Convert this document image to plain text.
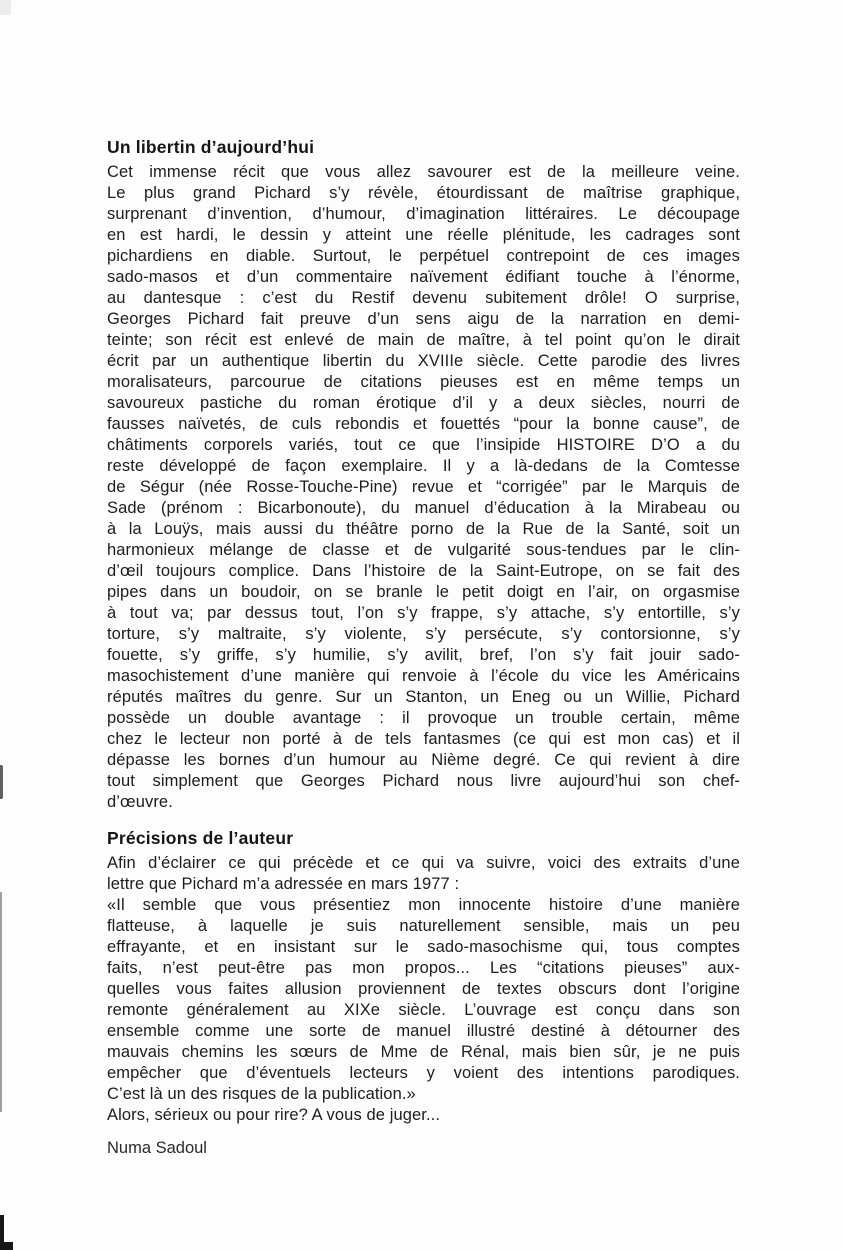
Un libertin d’aujourd’hui
Cet immense récit que vous allez savourer est de la meilleure veine.
Le plus grand Pichard s’y révèle, étourdissant de maîtrise graphique,
surprenant d’invention, d’humour, d’imagination littéraires. Le découpage
en est hardi, le dessin y atteint une réelle plénitude, les cadrages sont
pichardiens en diable. Surtout, le perpétuel contrepoint de ces images
sado-masos et d’un commentaire naïvement édifiant touche à l’énorme,
au dantesque : c’est du Restif devenu subitement drôle! O surprise,
Georges Pichard fait preuve d’un sens aigu de la narration en demi-
teinte; son récit est enlevé de main de maître, à tel point qu’on le dirait
écrit par un authentique libertin du XVIIIe siècle. Cette parodie des livres
moralisateurs, parcourue de citations pieuses est en même temps un
savoureux pastiche du roman érotique d’il y a deux siècles, nourri de
fausses naïvetés, de culs rebondis et fouettés “pour la bonne cause”, de
châtiments corporels variés, tout ce que l’insipide HISTOIRE D’O a du
reste développé de façon exemplaire. Il y a là-dedans de la Comtesse
de Ségur (née Rosse-Touche-Pine) revue et “corrigée” par le Marquis de
Sade (prénom : Bicarbonoute), du manuel d’éducation à la Mirabeau ou
à la Louÿs, mais aussi du théâtre porno de la Rue de la Santé, soit un
harmonieux mélange de classe et de vulgarité sous-tendues par le clin-
d’œil toujours complice. Dans l’histoire de la Saint-Eutrope, on se fait des
pipes dans un boudoir, on se branle le petit doigt en l’air, on orgasmise
à tout va; par dessus tout, l’on s’y frappe, s’y attache, s’y entortille, s’y
torture, s’y maltraite, s’y violente, s’y persécute, s’y contorsionne, s’y
fouette, s’y griffe, s’y humilie, s’y avilit, bref, l’on s’y fait jouir sado-
masochistement d’une manière qui renvoie à l’école du vice les Américains
réputés maîtres du genre. Sur un Stanton, un Eneg ou un Willie, Pichard
possède un double avantage : il provoque un trouble certain, même
chez le lecteur non porté à de tels fantasmes (ce qui est mon cas) et il
dépasse les bornes d’un humour au Nième degré. Ce qui revient à dire
tout simplement que Georges Pichard nous livre aujourd’hui son chef-
d’œuvre.
Précisions de l’auteur
Afin d’éclairer ce qui précède et ce qui va suivre, voici des extraits d’une
lettre que Pichard m’a adressée en mars 1977 :
«Il semble que vous présentiez mon innocente histoire d’une manière
flatteuse, à laquelle je suis naturellement sensible, mais un peu
effrayante, et en insistant sur le sado-masochisme qui, tous comptes
faits, n’est peut-être pas mon propos... Les “citations pieuses” aux-
quelles vous faites allusion proviennent de textes obscurs dont l’origine
remonte généralement au XIXe siècle. L’ouvrage est conçu dans son
ensemble comme une sorte de manuel illustré destiné à détourner des
mauvais chemins les sœurs de Mme de Rénal, mais bien sûr, je ne puis
empêcher que d’éventuels lecteurs y voient des intentions parodiques.
C’est là un des risques de la publication.»
Alors, sérieux ou pour rire? A vous de juger...
Numa Sadoul
